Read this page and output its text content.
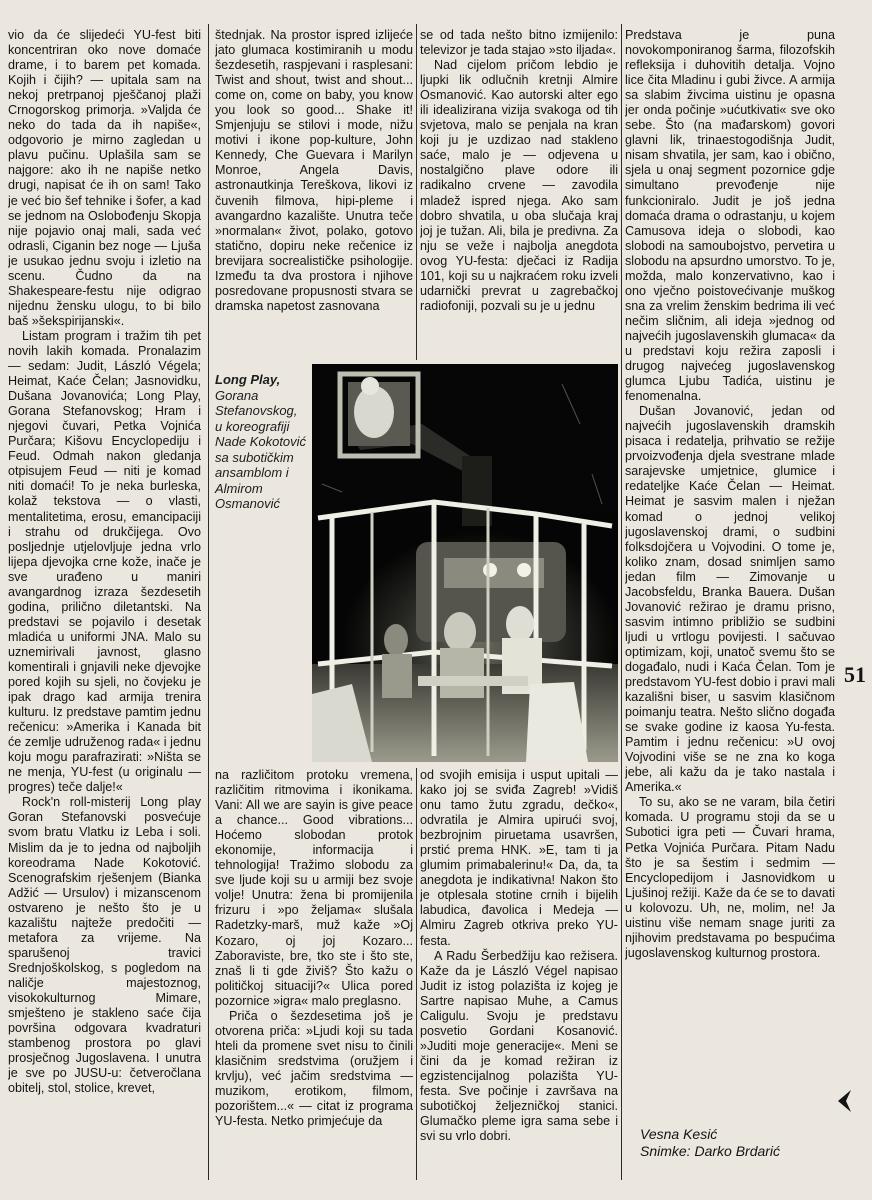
vio da će slijedeći YU-fest biti koncentriran oko nove domaće drame, i to barem pet komada. Kojih i čijih? — upitala sam na nekoj pretrpanoj pješčanoj plaži Crnogorskog primorja. »Valjda će neko do tada da ih napiše«, odgovorio je mirno zagledan u plavu pučinu. Uplašila sam se najgore: ako ih ne napiše netko drugi, napisat će ih on sam! Tako je već bio šef tehnike i šofer, a kad se jednom na Oslobođenju Skopja nije pojavio onaj mali, sada već odrasli, Ciganin bez noge — Ljuša je usukao jednu svoju i izletio na scenu. Čudno da na Shakespeare-festu nije odigrao nijednu žensku ulogu, to bi bilo baš »šekspirijanski«.

Listam program i tražim tih pet novih lakih komada. Pronalazim — sedam: Judit, László Végela; Heimat, Kaće Čelan; Jasnovidku, Dušana Jovanovića; Long Play, Gorana Stefanovskog; Hram i njegovi čuvari, Petka Vojnića Purčara; Kišovu Encyclopediju i Feud. Odmah nakon gledanja otpisujem Feud — niti je komad niti domaći! To je neka burleska, kolaž tekstova — o vlasti, mentalitetima, erosu, emancipaciji i strahu od drukčijega. Ovo posljednje utjelovljuje jedna vrlo lijepa djevojka crne kože, inače je sve urađeno u maniri avangardnog izraza šezdesetih godina, prilično diletantski. Na predstavi se pojavilo i desetak mladića u uniformi JNA. Malo su uznemirivali javnost, glasno komentirali i gnjavili neke djevojke pored kojih su sjeli, no čovjeku je ipak drago kad armija trenira kulturu. Iz predstave pamtim jednu rečenicu: »Amerika i Kanada bit će zemlje udruženog rada« i jednu koju mogu parafrazirati: »Ništa se ne menja, YU-fest (u originalu — progres) teče dalje!«

Rock'n roll-misterij Long play Goran Stefanovski posvećuje svom bratu Vlatku iz Leba i soli. Mislim da je to jedna od najboljih koreodrama Nade Kokotović. Scenografskim rješenjem (Bianka Adžić — Ursulov) i mizanscenom ostvareno je nešto što je u kazalištu najteže predočiti — metafora za vrijeme. Na sparušenoj travici Srednjoškolskog, s pogledom na naličje majestoznog, visokokulturnog Mimare, smješteno je stakleno saće čija površina odgovara kvadraturi stambenog prostora po glavi prosječnog Jugoslavena. I unutra je sve po JUSU-u: četveročlana obitelj, stol, stolice, krevet,

štednjak. Na prostor ispred izlijeće jato glumaca kostimiranih u modu šezdesetih, raspjevani i rasplesani: Twist and shout, twist and shout... come on, come on baby, you know you look so good... Shake it! Smjenjuju se stilovi i mode, nižu motivi i ikone pop-kulture, John Kennedy, Che Guevara i Marilyn Monroe, Angela Davis, astronautkinja Tereškova, likovi iz čuvenih filmova, hipi-pleme i avangardno kazalište. Unutra teče »normalan« život, polako, gotovo statično, dopiru neke rečenice iz brevijara socrealističke psihologije. Između ta dva prostora i njihove posredovane propusnosti stvara se dramska napetost zasnovana

se od tada nešto bitno izmijenilo: televizor je tada stajao »sto iljada«.

Nad cijelom pričom lebdio je ljupki lik odlučnih kretnji Almire Osmanović. Kao autorski alter ego ili idealizirana vizija svakoga od tih svjetova, malo se penjala na kran koji ju je uzdizao nad stakleno saće, malo je — odjevena u nostalgično plave odore ili radikalno crvene — zavodila mladež ispred njega. Ako sam dobro shvatila, u oba slučaja kraj joj je tužan. Ali, bila je predivna. Za nju se veže i najbolja anegdota ovog YU-festa: dječaci iz Radija 101, koji su u najkraćem roku izveli udarnički prevrat u zagrebačkoj radiofoniji, pozvali su je u jednu

Predstava je puna novokomponiranog šarma, filozofskih refleksija i duhovitih detalja. Vojno lice čita Mladinu i gubi živce. A armija sa slabim živcima uistinu je opasna jer onda počinje »ućutkivati« sve oko sebe. Što (na mađarskom) govori glavni lik, trinaestogodišnja Judit, nisam shvatila, jer sam, kao i obično, sjela u onaj segment pozornice gdje simultano prevođenje nije funkcioniralo. Judit je još jedna domaća drama o odrastanju, u kojem Camusova ideja o slobodi, kao slobodi na samoubojstvo, pervetira u slobodu na apsurdno umorstvo. To je, možda, malo konzervativno, kao i ono vječno poistovećivanje muškog sna za vrelim ženskim bedrima ili već nečim sličnim, ali ideja »jednog od najvećih jugoslavenskih glumaca« da u predstavi koju režira zaposli i drugog najvećeg jugoslavenskog glumca Ljubu Tadića, uistinu je fenomenalna.

Dušan Jovanović, jedan od najvećih jugoslavenskih dramskih pisaca i redatelja, prihvatio se režije prvoizvođenja djela svestrane mlade sarajevske umjetnice, glumice i redateljke Kaće Čelan — Heimat. Heimat je sasvim malen i nježan komad o jednoj velikoj jugoslavenskoj drami, o sudbini folksdojčera u Vojvodini. O tome je, koliko znam, dosad snimljen samo jedan film — Zimovanje u Jacobsfeldu, Branka Bauera. Dušan Jovanović režirao je dramu prisno, sasvim intimno približio se sudbini ljudi u vrtlogu povijesti. I sačuvao optimizam, koji, unatoč svemu što se događalo, nudi i Kaća Čelan. Tom je predstavom YU-fest dobio i pravi mali kazališni biser, u sasvim klasičnom poimanju teatra. Nešto slično događa se svake godine iz kaosa Yu-festa. Pamtim i jednu rečenicu: »U ovoj Vojvodini više se ne zna ko koga jebe, ali kažu da je tako nastala i Amerika.«

To su, ako se ne varam, bila četiri komada. U programu stoji da se u Subotici igra peti — Čuvari hrama, Petka Vojnića Purčara. Pitam Nadu što je sa šestim i sedmim — Encyclopedijom i Jasnovidkom u Ljušinoj režiji. Kaže da će se to davati u kolovozu. Uh, ne, molim, ne! Ja uistinu više nemam snage juriti za njihovim predstavama po bespućima jugoslavenskog kulturnog prostora.

na različitom protoku vremena, različitim ritmovima i ikonikama. Vani: All we are sayin is give peace a chance... Good vibrations... Hoćemo slobodan protok ekonomije, informacija i tehnologija! Tražimo slobodu za sve ljude koji su u armiji bez svoje volje! Unutra: žena bi promijenila frizuru i »po željama« slušala Radetzky-marš, muž kaže »Oj Kozaro, oj joj Kozaro... Zaboraviste, bre, tko ste i što ste, znaš li ti gde živiš? Što kažu o političkoj situaciji?« Ulica pored pozornice »igra« malo preglasno.

Priča o šezdesetima još je otvorena priča: »Ljudi koji su tada hteli da promene svet nisu to činili klasičnim sredstvima (oružjem i krvlju), već jačim sredstvima — muzikom, erotikom, filmom, pozorištem...« — citat iz programa YU-festa. Netko primjećuje da

od svojih emisija i usput upitali — kako joj se sviđa Zagreb! »Vidiš onu tamo žutu zgradu, dečko«, odvratila je Almira upirući svoj, bezbrojnim piruetama usavršen, prstić prema HNK. »E, tam ti ja glumim primabalerinu!« Da, da, ta anegdota je indikativna! Nakon što je otplesala stotine crnih i bijelih labudica, đavolica i Medeja — Almiru Zagreb otkriva preko YU-festa.

A Radu Šerbedžiju kao režisera. Kaže da je László Végel napisao Judit iz istog polazišta iz kojeg je Sartre napisao Muhe, a Camus Caligulu. Svoju je predstavu posvetio Gordani Kosanović. »Juditi moje generacije«. Meni se čini da je komad režiran iz egzistencijalnog polazišta YU-festa. Sve počinje i završava na subotičkoj željezničkoj stanici. Glumačko pleme igra sama sebe i svi su vrlo dobri.

Long Play,
Gorana Stefanovskog, u koreografiji Nade Kokotović sa subotičkim ansamblom i Almirom Osmanović
51
Vesna Kesić
Snimke: Darko Brdarić
